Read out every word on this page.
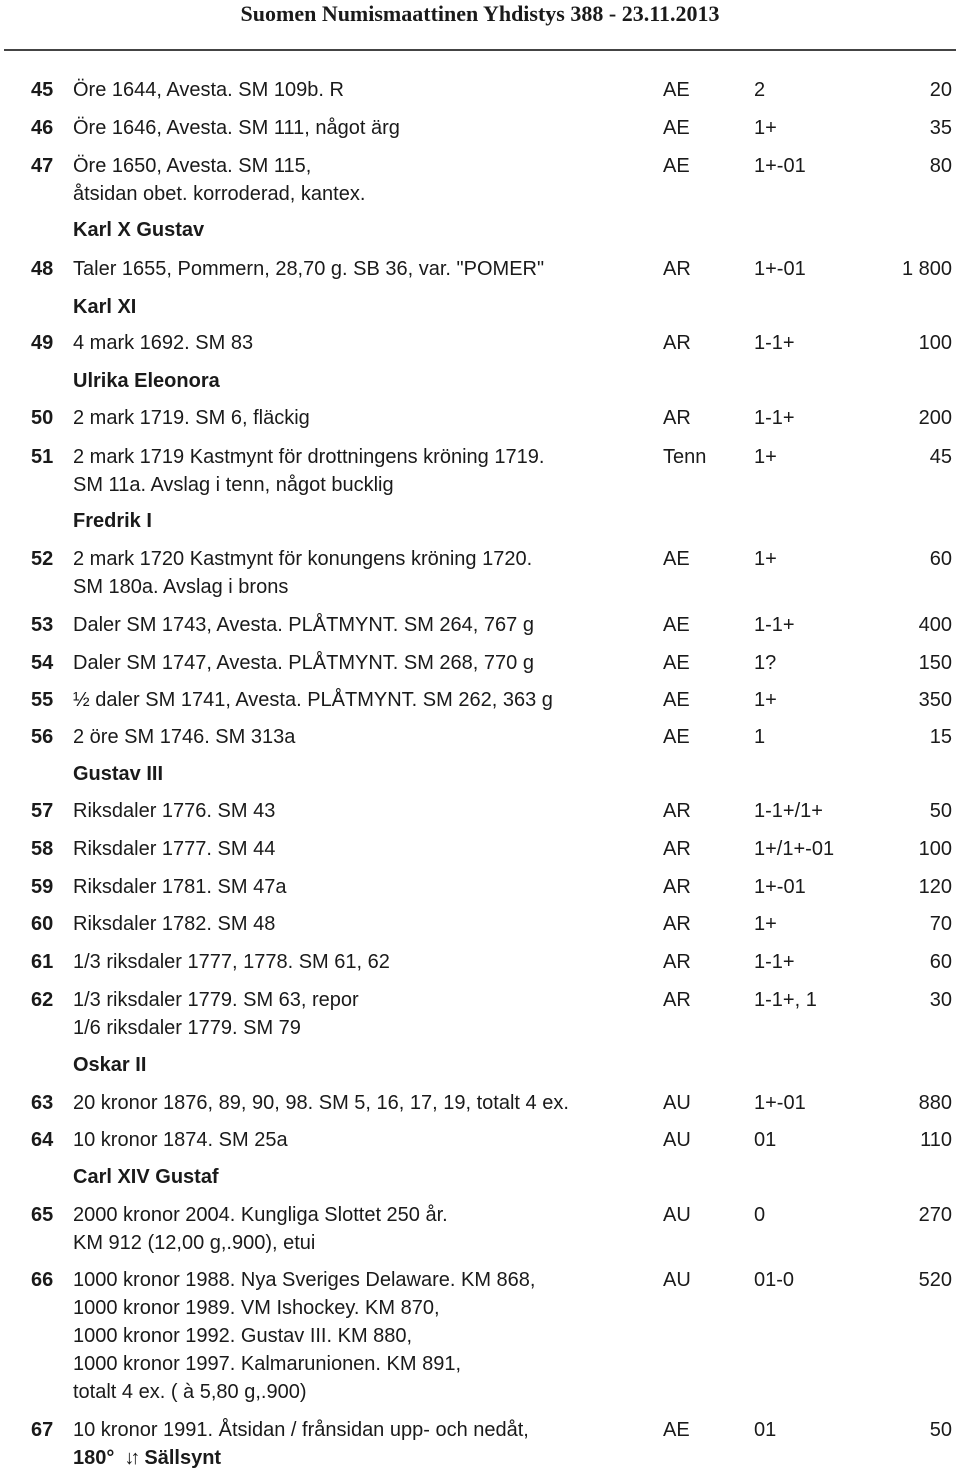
Suomen Numismaattinen Yhdistys 388 - 23.11.2013
45 Öre 1644, Avesta. SM 109b. R	AE	2	20
46 Öre 1646, Avesta. SM 111, något ärg	AE	1+	35
47 Öre 1650, Avesta. SM 115,
åtsidan obet. korroderad, kantex.
AE	1+-01	80
Karl X Gustav
48 Taler 1655, Pommern, 28,70 g. SB 36, var. "POMER"	AR	1+-01	1 800
Karl XI
49 4 mark 1692. SM 83	AR	1-1+	100
Ulrika Eleonora
50 2 mark 1719. SM 6, fläckig	AR	1-1+	200
51 2 mark 1719 Kastmynt för drottningens kröning 1719.
SM 11a. Avslag i tenn, något bucklig
Tenn	1+	45
Fredrik I
52 2 mark 1720 Kastmynt för konungens kröning 1720.
SM 180a. Avslag i brons
AE	1+	60
53 Daler SM 1743, Avesta. PLÅTMYNT. SM 264, 767 g	AE	1-1+	400
54 Daler SM 1747, Avesta. PLÅTMYNT. SM 268, 770 g	AE	1?	150
55 ½ daler SM 1741, Avesta. PLÅTMYNT. SM 262, 363 g	AE	1+	350
56 2 öre SM 1746. SM 313a	AE	1	15
Gustav III
57 Riksdaler 1776. SM 43	AR	1-1+/1+	50
58 Riksdaler 1777. SM 44	AR	1+/1+-01	100
59 Riksdaler 1781. SM 47a	AR	1+-01	120
60 Riksdaler 1782. SM 48	AR	1+	70
61 1/3 riksdaler 1777, 1778. SM 61, 62	AR	1-1+	60
62 1/3 riksdaler 1779. SM 63, repor
1/6 riksdaler 1779. SM 79
AR	1-1+, 1	30
Oskar II
63 20 kronor 1876, 89, 90, 98. SM 5, 16, 17, 19, totalt 4 ex.	AU	1+-01	880
64 10 kronor 1874. SM 25a	AU	01	110
Carl XIV Gustaf
65 2000 kronor 2004. Kungliga Slottet 250 år.
KM 912 (12,00 g,.900), etui
AU	0	270
66 1000 kronor 1988. Nya Sveriges Delaware. KM 868,
1000 kronor 1989. VM Ishockey. KM 870,
1000 kronor 1992. Gustav III. KM 880,
1000 kronor 1997. Kalmarunionen. KM 891,
totalt 4 ex. ( à 5,80 g,.900)
AU	01-0	520
67 10 kronor 1991. Åtsidan / frånsidan upp- och nedåt,
180° ↓↑ Sällsynt
AE	01	50
